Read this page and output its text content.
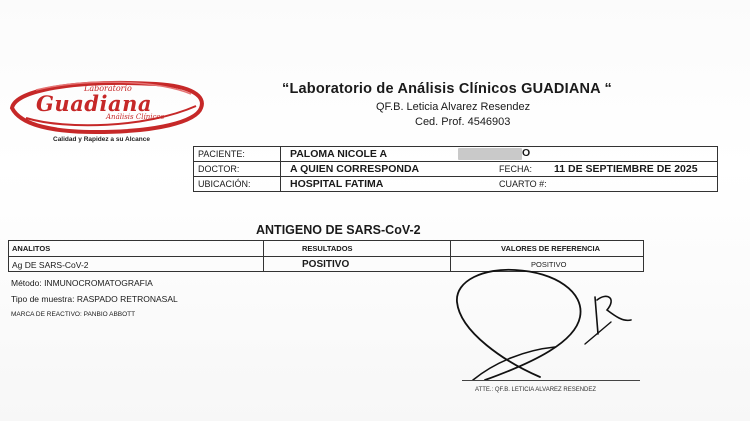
Laboratorio
Guadiana
Análisis Clínicos
Calidad y Rapidez a su Alcance
“Laboratorio de Análisis Clínicos GUADIANA “
QF.B. Leticia Alvarez Resendez
Ced. Prof. 4546903
PACIENTE:	PALOMA NICOLE A	O
DOCTOR:	A QUIEN CORRESPONDA	FECHA: 11 DE SEPTIEMBRE DE 2025
UBICACIÓN:	HOSPITAL FATIMA	CUARTO #:
ANTIGENO DE SARS-CoV-2
ANALITOS	RESULTADOS	VALORES DE REFERENCIA
Ag DE SARS-CoV-2	POSITIVO	POSITIVO
Método: INMUNOCROMATOGRAFIA
Tipo de muestra: RASPADO RETRONASAL
MARCA DE REACTIVO: PANBIO ABBOTT
ATTE.: QF.B. LETICIA ALVAREZ RESENDEZ
